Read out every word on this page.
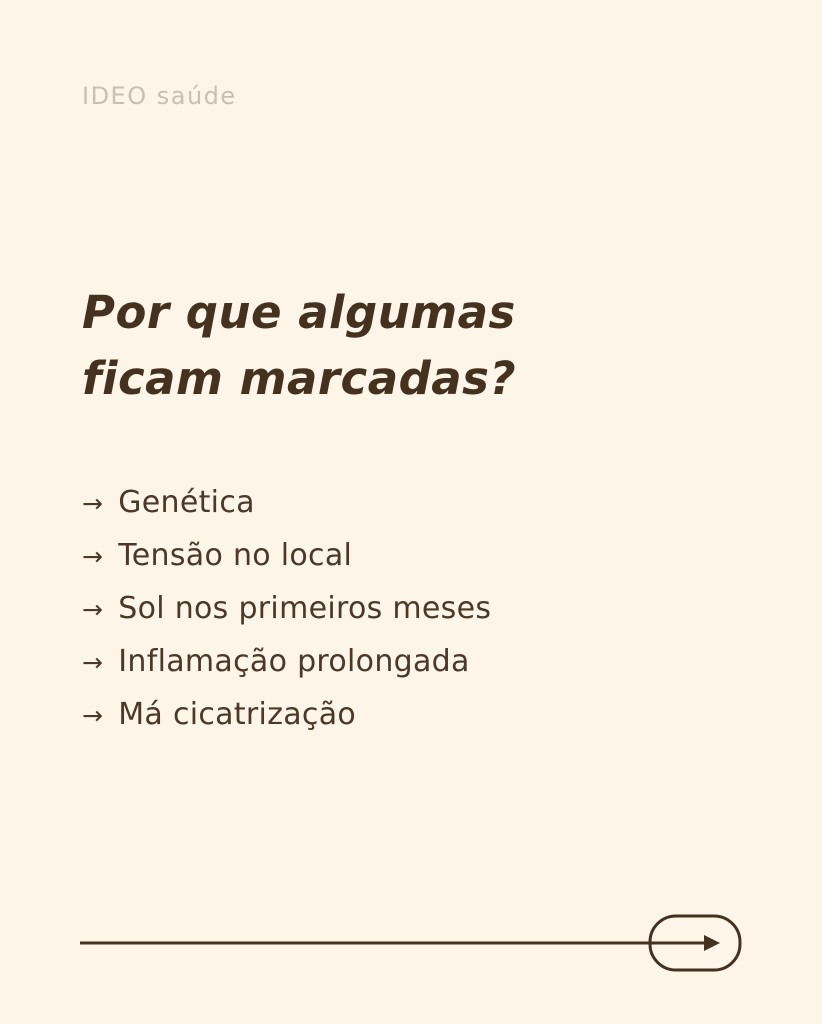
IDEO saúde
Por que algumas
ficam marcadas?
→ Genética
→ Tensão no local
→ Sol nos primeiros meses
→ Inflamação prolongada
→ Má cicatrização
